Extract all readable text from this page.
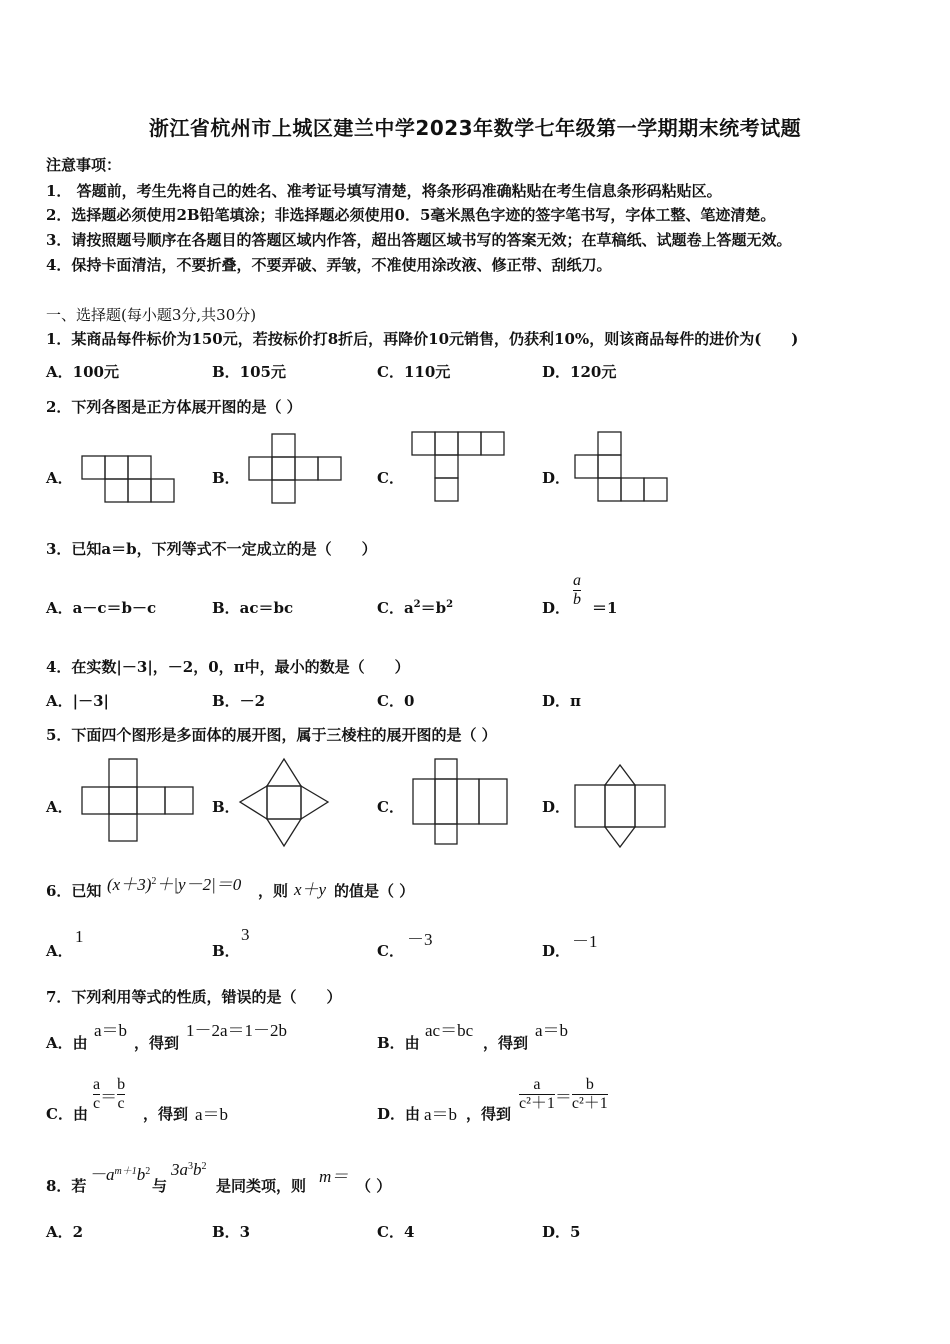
浙江省杭州市上城区建兰中学2023年数学七年级第一学期期末统考试题
注意事项：
1． 答题前，考生先将自己的姓名、准考证号填写清楚，将条形码准确粘贴在考生信息条形码粘贴区。
2．选择题必须使用2B铅笔填涂；非选择题必须使用0．5毫米黑色字迹的签字笔书写，字体工整、笔迹清楚。
3．请按照题号顺序在各题目的答题区域内作答，超出答题区域书写的答案无效；在草稿纸、试题卷上答题无效。
4．保持卡面清洁，不要折叠，不要弄破、弄皱，不准使用涂改液、修正带、刮纸刀。
一、选择题(每小题3分,共30分)
1．某商品每件标价为150元，若按标价打8折后，再降价10元销售，仍获利10%，则该商品每件的进价为(　　)
A．100元	B．105元	C．110元	D．120元
2．下列各图是正方体展开图的是（ ）
A．	B．	C．	D．
3．已知a＝b，下列等式不一定成立的是（　　）
A．a－c＝b－c	B．ac＝bc	C．$a^2=b^2$	D． $\frac{a}{b} =1$
4．在实数|－3|，－2，0，π中，最小的数是（　　）
A．|－3|	B．－2	C．0	D．π
5．下面四个图形是多面体的展开图，属于三棱柱的展开图的是（ ）
A．	B．	C．	D．
6．已知 $(x+3)^2+|y-2|=0$ ，则 x＋y 的值是（ ）
A．
1
B．
3
C．
－3
D． －1
7．下列利用等式的性质，错误的是（　　）
A．由
a＝b
，得到
1－2a＝1－2b
B．由
ac＝bc
，得到
a＝b
C．由
$\frac{a}{c} = \frac{b}{c}$
，得到 a＝b	D．由 a＝b ，得到
$\frac{a}{\text{c²＋1}} = \frac{b}{\text{c²＋1}}$
8．若
$-a^{m+1}b^2$
与
$3a^3b^2$
是同类项，则 m＝ （ ）
A．2	B．3	C．4	D．5
